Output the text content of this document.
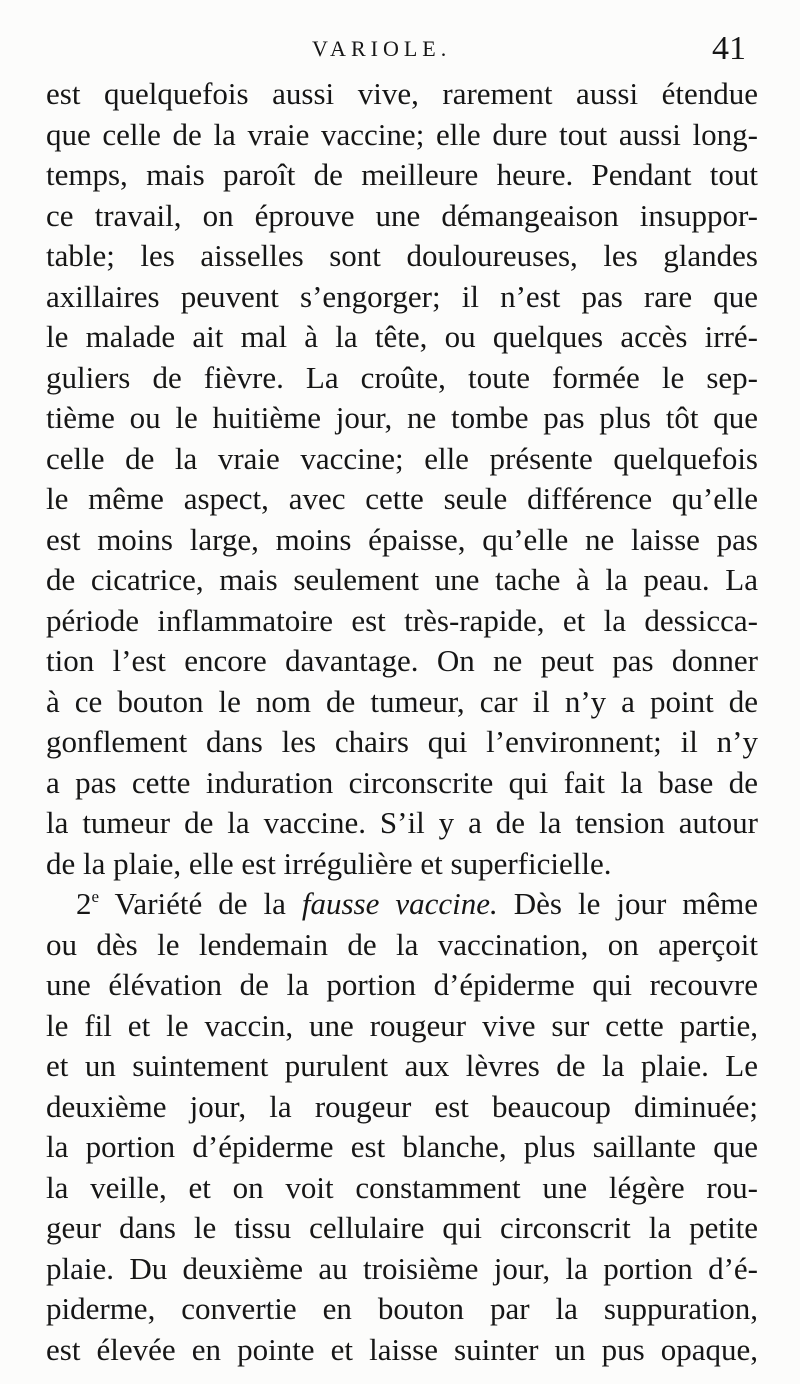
VARIOLE.	41
est quelquefois aussi vive, rarement aussi étendue
que celle de la vraie vaccine; elle dure tout aussi long-
temps, mais paroît de meilleure heure. Pendant tout
ce travail, on éprouve une démangeaison insuppor-
table; les aisselles sont douloureuses, les glandes
axillaires peuvent s’engorger; il n’est pas rare que
le malade ait mal à la tête, ou quelques accès irré-
guliers de fièvre. La croûte, toute formée le sep-
tième ou le huitième jour, ne tombe pas plus tôt que
celle de la vraie vaccine; elle présente quelquefois
le même aspect, avec cette seule différence qu’elle
est moins large, moins épaisse, qu’elle ne laisse pas
de cicatrice, mais seulement une tache à la peau. La
période inflammatoire est très-rapide, et la dessicca-
tion l’est encore davantage. On ne peut pas donner
à ce bouton le nom de tumeur, car il n’y a point de
gonflement dans les chairs qui l’environnent; il n’y
a pas cette induration circonscrite qui fait la base de
la tumeur de la vaccine. S’il y a de la tension autour
de la plaie, elle est irrégulière et superficielle.
2e Variété de la fausse vaccine. Dès le jour même
ou dès le lendemain de la vaccination, on aperçoit
une élévation de la portion d’épiderme qui recouvre
le fil et le vaccin, une rougeur vive sur cette partie,
et un suintement purulent aux lèvres de la plaie. Le
deuxième jour, la rougeur est beaucoup diminuée;
la portion d’épiderme est blanche, plus saillante que
la veille, et on voit constamment une légère rou-
geur dans le tissu cellulaire qui circonscrit la petite
plaie. Du deuxième au troisième jour, la portion d’é-
piderme, convertie en bouton par la suppuration,
est élevée en pointe et laisse suinter un pus opaque,
